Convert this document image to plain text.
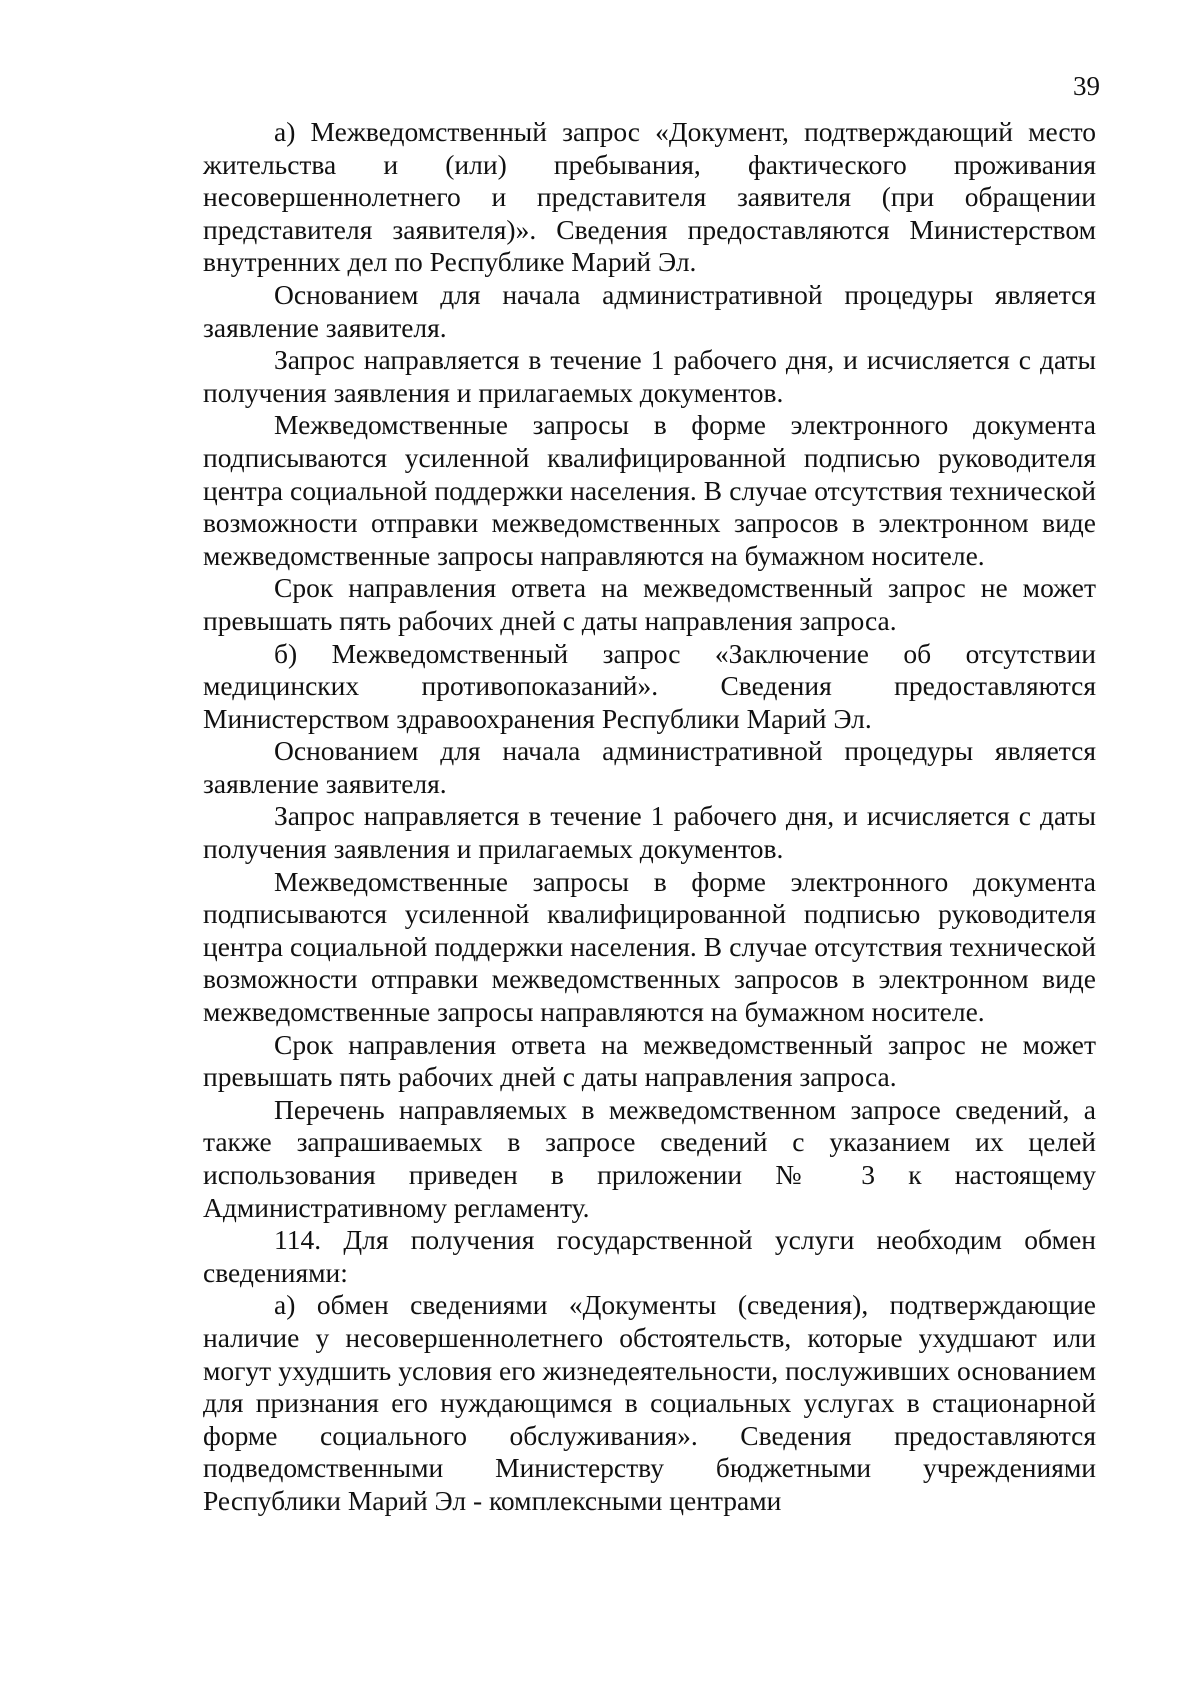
39

а) Межведомственный запрос «Документ, подтверждающий место жительства и (или) пребывания, фактического проживания несовершеннолетнего и представителя заявителя (при обращении представителя заявителя)». Сведения предоставляются Министерством внутренних дел по Республике Марий Эл.

Основанием для начала административной процедуры является заявление заявителя.

Запрос направляется в течение 1 рабочего дня, и исчисляется с даты получения заявления и прилагаемых документов.

Межведомственные запросы в форме электронного документа подписываются усиленной квалифицированной подписью руководителя центра социальной поддержки населения. В случае отсутствия технической возможности отправки межведомственных запросов в электронном виде межведомственные запросы направляются на бумажном носителе.

Срок направления ответа на межведомственный запрос не может превышать пять рабочих дней с даты направления запроса.

б) Межведомственный запрос «Заключение об отсутствии медицинских противопоказаний». Сведения предоставляются Министерством здравоохранения Республики Марий Эл.

Основанием для начала административной процедуры является заявление заявителя.

Запрос направляется в течение 1 рабочего дня, и исчисляется с даты получения заявления и прилагаемых документов.

Межведомственные запросы в форме электронного документа подписываются усиленной квалифицированной подписью руководителя центра социальной поддержки населения. В случае отсутствия технической возможности отправки межведомственных запросов в электронном виде межведомственные запросы направляются на бумажном носителе.

Срок направления ответа на межведомственный запрос не может превышать пять рабочих дней с даты направления запроса.

Перечень направляемых в межведомственном запросе сведений, а также запрашиваемых в запросе сведений с указанием их целей использования приведен в приложении № 3 к настоящему Административному регламенту.

114. Для получения государственной услуги необходим обмен сведениями:

а) обмен сведениями «Документы (сведения), подтверждающие наличие у несовершеннолетнего обстоятельств, которые ухудшают или могут ухудшить условия его жизнедеятельности, послуживших основанием для признания его нуждающимся в социальных услугах в стационарной форме социального обслуживания». Сведения предоставляются подведомственными Министерству бюджетными учреждениями Республики Марий Эл - комплексными центрами
